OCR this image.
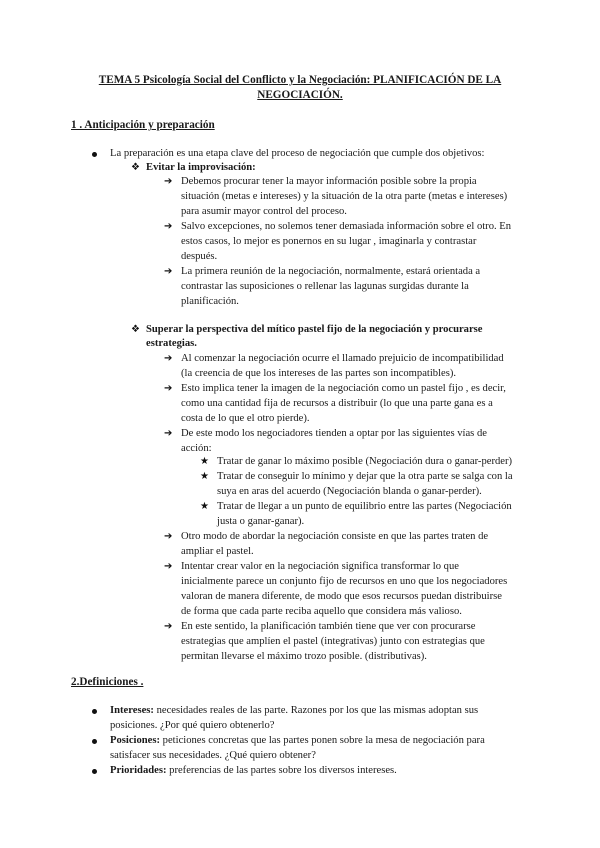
TEMA 5 Psicología Social del Conflicto y la Negociación: PLANIFICACIÓN DE LA
NEGOCIACIÓN.
1 . Anticipación y preparación
La preparación es una etapa clave del proceso de negociación que cumple dos objetivos:
❖ Evitar la improvisación:
➔ Debemos procurar tener la mayor información posible sobre la propia
situación (metas e intereses) y la situación de la otra parte (metas e intereses)
para asumir mayor control del proceso.
➔ Salvo excepciones, no solemos tener demasiada información sobre el otro. En
estos casos, lo mejor es ponernos en su lugar , imaginarla y contrastar
después.
➔ La primera reunión de la negociación, normalmente, estará orientada a
contrastar las suposiciones o rellenar las lagunas surgidas durante la
planificación.
❖ Superar la perspectiva del mítico pastel fijo de la negociación y procurarse
estrategias.
➔ Al comenzar la negociación ocurre el llamado prejuicio de incompatibilidad
(la creencia de que los intereses de las partes son incompatibles).
➔ Esto implica tener la imagen de la negociación como un pastel fijo , es decir,
como una cantidad fija de recursos a distribuir (lo que una parte gana es a
costa de lo que el otro pierde).
➔ De este modo los negociadores tienden a optar por las siguientes vías de
acción:
★ Tratar de ganar lo máximo posible (Negociación dura o ganar-perder)
★ Tratar de conseguir lo mínimo y dejar que la otra parte se salga con la
suya en aras del acuerdo (Negociación blanda o ganar-perder).
★ Tratar de llegar a un punto de equilibrio entre las partes (Negociación
justa o ganar-ganar).
➔ Otro modo de abordar la negociación consiste en que las partes traten de
ampliar el pastel.
➔ Intentar crear valor en la negociación significa transformar lo que
inicialmente parece un conjunto fijo de recursos en uno que los negociadores
valoran de manera diferente, de modo que esos recursos puedan distribuirse
de forma que cada parte reciba aquello que considera más valioso.
➔ En este sentido, la planificación también tiene que ver con procurarse
estrategias que amplíen el pastel (integrativas) junto con estrategias que
permitan llevarse el máximo trozo posible. (distributivas).
2.Definiciones .
Intereses: necesidades reales de las parte. Razones por los que las mismas adoptan sus
posiciones. ¿Por qué quiero obtenerlo?
Posiciones: peticiones concretas que las partes ponen sobre la mesa de negociación para
satisfacer sus necesidades. ¿Qué quiero obtener?
Prioridades: preferencias de las partes sobre los diversos intereses.
